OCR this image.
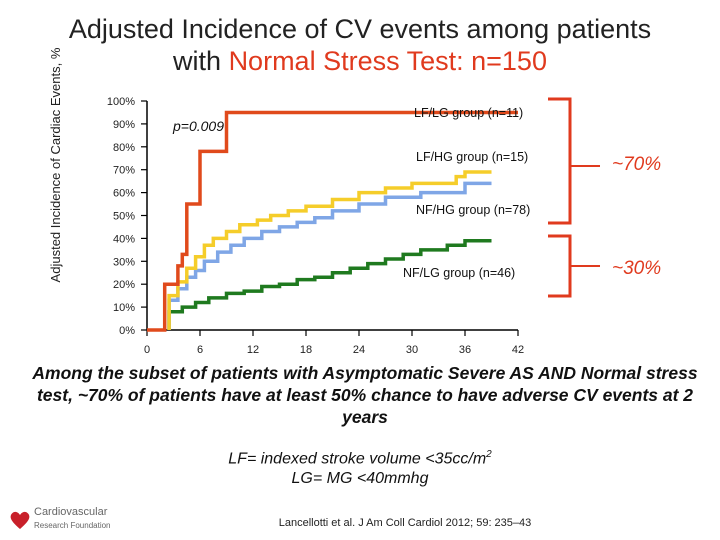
Adjusted Incidence of CV events among patients
with Normal Stress Test: n=150
Adjusted Incidence of Cardiac Events, %
0%
10%
20%
30%
40%
50%
60%
70%
80%
90%
100%
0	6	12	18	24	30	36	42
p=0.009
LF/LG group (n=11)
LF/HG group (n=15)
NF/HG group (n=78)
NF/LG group (n=46)
~70%
~30%
Among the subset of patients with Asymptomatic Severe AS AND Normal stress test, ~70% of patients have at least 50% chance to have adverse CV events at 2 years
LF= indexed stroke volume $<35cc/m^2$
LG= MG <40mmhg
Lancellotti et al. J Am Coll Cardiol 2012; 59: 235–43
Cardiovascular
Research Foundation
